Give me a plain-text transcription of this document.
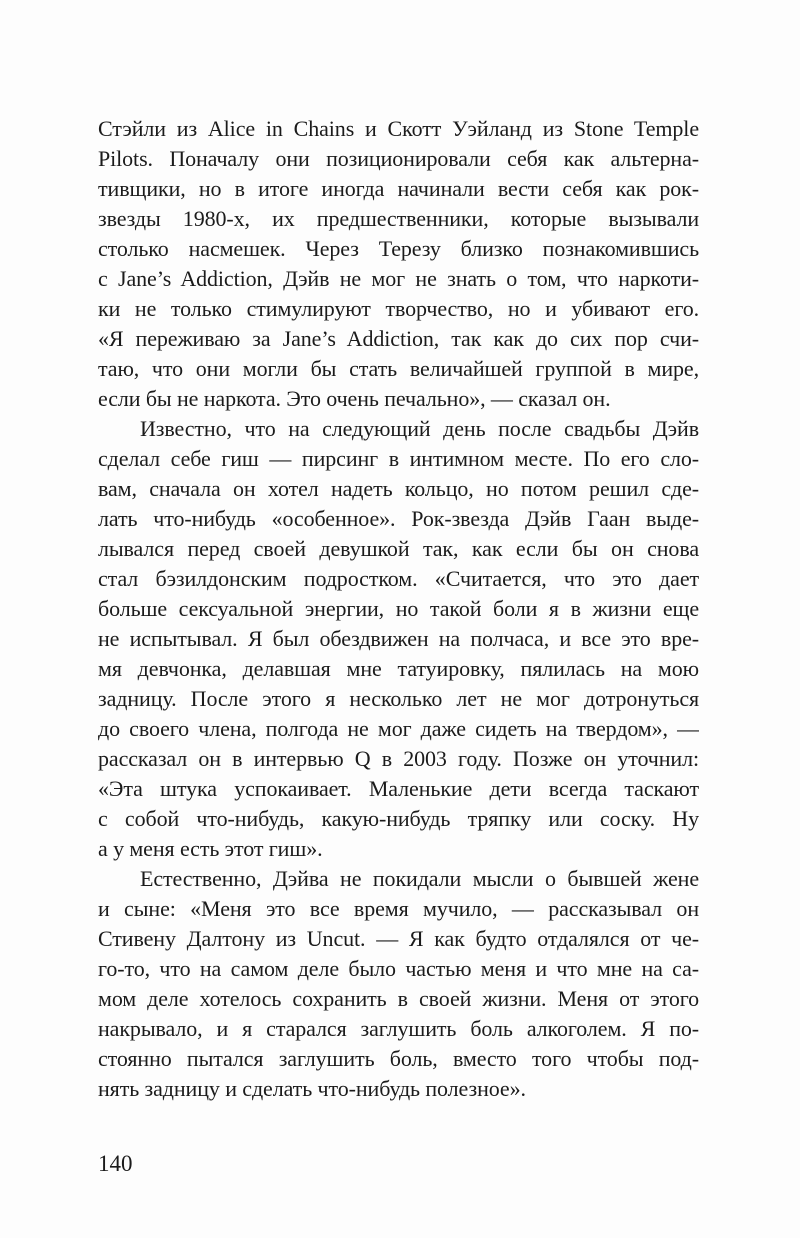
Стэйли из Alice in Chains и Скотт Уэйланд из Stone Temple
Pilots. Поначалу они позиционировали себя как альтерна-
тивщики, но в итоге иногда начинали вести себя как рок-
звезды 1980-х, их предшественники, которые вызывали
столько насмешек. Через Терезу близко познакомившись
с Jane’s Addiction, Дэйв не мог не знать о том, что наркоти-
ки не только стимулируют творчество, но и убивают его.
«Я переживаю за Jane’s Addiction, так как до сих пор счи-
таю, что они могли бы стать величайшей группой в мире,
если бы не наркота. Это очень печально», — сказал он.
Известно, что на следующий день после свадьбы Дэйв
сделал себе гиш — пирсинг в интимном месте. По его сло-
вам, сначала он хотел надеть кольцо, но потом решил сде-
лать что-нибудь «особенное». Рок-звезда Дэйв Гаан выде-
лывался перед своей девушкой так, как если бы он снова
стал бэзилдонским подростком. «Считается, что это дает
больше сексуальной энергии, но такой боли я в жизни еще
не испытывал. Я был обездвижен на полчаса, и все это вре-
мя девчонка, делавшая мне татуировку, пялилась на мою
задницу. После этого я несколько лет не мог дотронуться
до своего члена, полгода не мог даже сидеть на твердом», —
рассказал он в интервью Q в 2003 году. Позже он уточнил:
«Эта штука успокаивает. Маленькие дети всегда таскают
с собой что-нибудь, какую-нибудь тряпку или соску. Ну
а у меня есть этот гиш».
Естественно, Дэйва не покидали мысли о бывшей жене
и сыне: «Меня это все время мучило, — рассказывал он
Стивену Далтону из Uncut. — Я как будто отдалялся от че-
го-то, что на самом деле было частью меня и что мне на са-
мом деле хотелось сохранить в своей жизни. Меня от этого
накрывало, и я старался заглушить боль алкоголем. Я по-
стоянно пытался заглушить боль, вместо того чтобы под-
нять задницу и сделать что-нибудь полезное».
140
